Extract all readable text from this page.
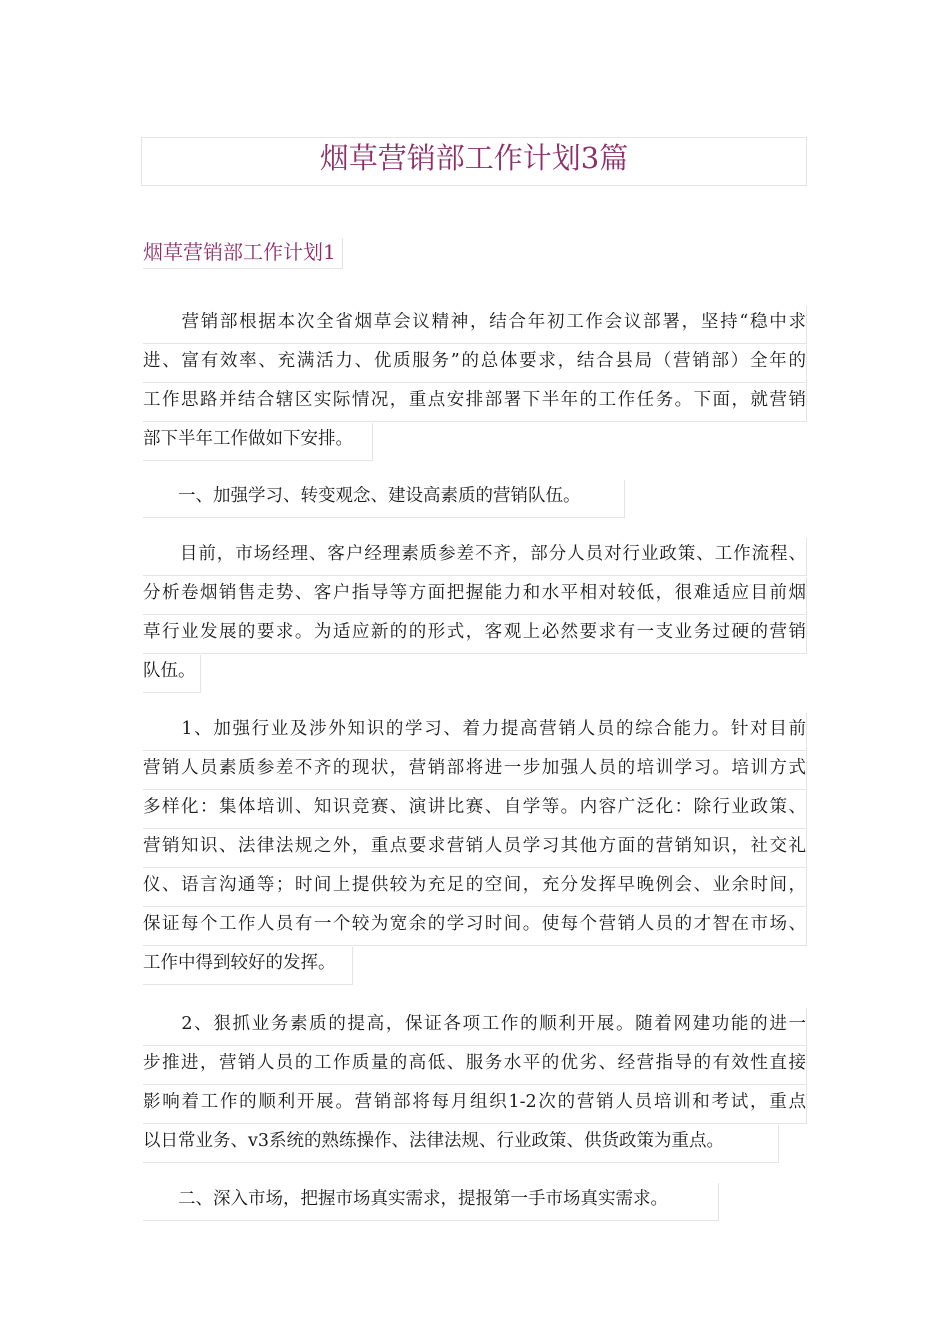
烟草营销部工作计划3篇
烟草营销部工作计划1
　　营销部根据本次全省烟草会议精神，结合年初工作会议部署，坚持“稳中求
进、富有效率、充满活力、优质服务”的总体要求，结合县局（营销部）全年的
工作思路并结合辖区实际情况，重点安排部署下半年的工作任务。下面，就营销
部下半年工作做如下安排。
　　一、加强学习、转变观念、建设高素质的营销队伍。
　　目前，市场经理、客户经理素质参差不齐，部分人员对行业政策、工作流程、
分析卷烟销售走势、客户指导等方面把握能力和水平相对较低，很难适应目前烟
草行业发展的要求。为适应新的的形式，客观上必然要求有一支业务过硬的营销
队伍。
　　1、加强行业及涉外知识的学习、着力提高营销人员的综合能力。针对目前
营销人员素质参差不齐的现状，营销部将进一步加强人员的培训学习。培训方式
多样化：集体培训、知识竞赛、演讲比赛、自学等。内容广泛化：除行业政策、
营销知识、法律法规之外，重点要求营销人员学习其他方面的营销知识，社交礼
仪、语言沟通等；时间上提供较为充足的空间，充分发挥早晚例会、业余时间，
保证每个工作人员有一个较为宽余的学习时间。使每个营销人员的才智在市场、
工作中得到较好的发挥。
　　2、狠抓业务素质的提高，保证各项工作的顺利开展。随着网建功能的进一
步推进，营销人员的工作质量的高低、服务水平的优劣、经营指导的有效性直接
影响着工作的顺利开展。营销部将每月组织1-2次的营销人员培训和考试，重点
以日常业务、v3系统的熟练操作、法律法规、行业政策、供货政策为重点。
　　二、深入市场，把握市场真实需求，提报第一手市场真实需求。
